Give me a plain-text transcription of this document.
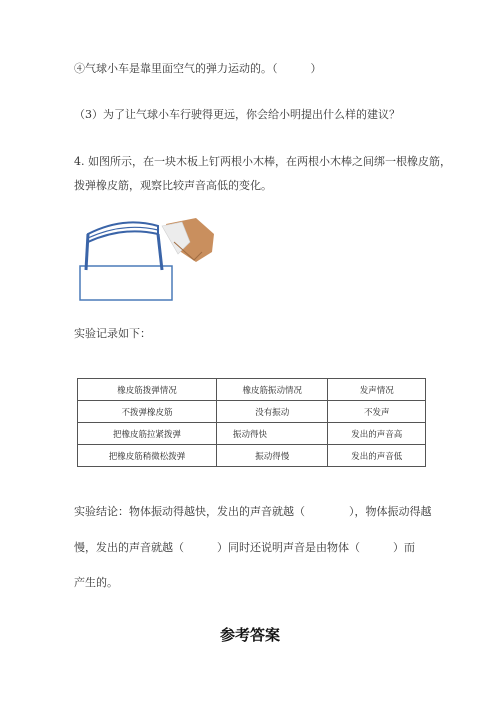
④气球小车是靠里面空气的弹力运动的。（　　　）
（3）为了让气球小车行驶得更远，你会给小明提出什么样的建议？
4. 如图所示，在一块木板上钉两根小木棒，在两根小木棒之间绑一根橡皮筋，
拨弹橡皮筋，观察比较声音高低的变化。
实验记录如下：
橡皮筋拨弹情况	橡皮筋振动情况	发声情况
不拨弹橡皮筋	没有振动	不发声
把橡皮筋拉紧拨弹	振动得快	发出的声音高
把橡皮筋稍微松拨弹	振动得慢	发出的声音低
实验结论：物体振动得越快，发出的声音就越（　　　　），物体振动得越
慢，发出的声音就越（　　　）同时还说明声音是由物体（　　　）而
产生的。
参考答案
